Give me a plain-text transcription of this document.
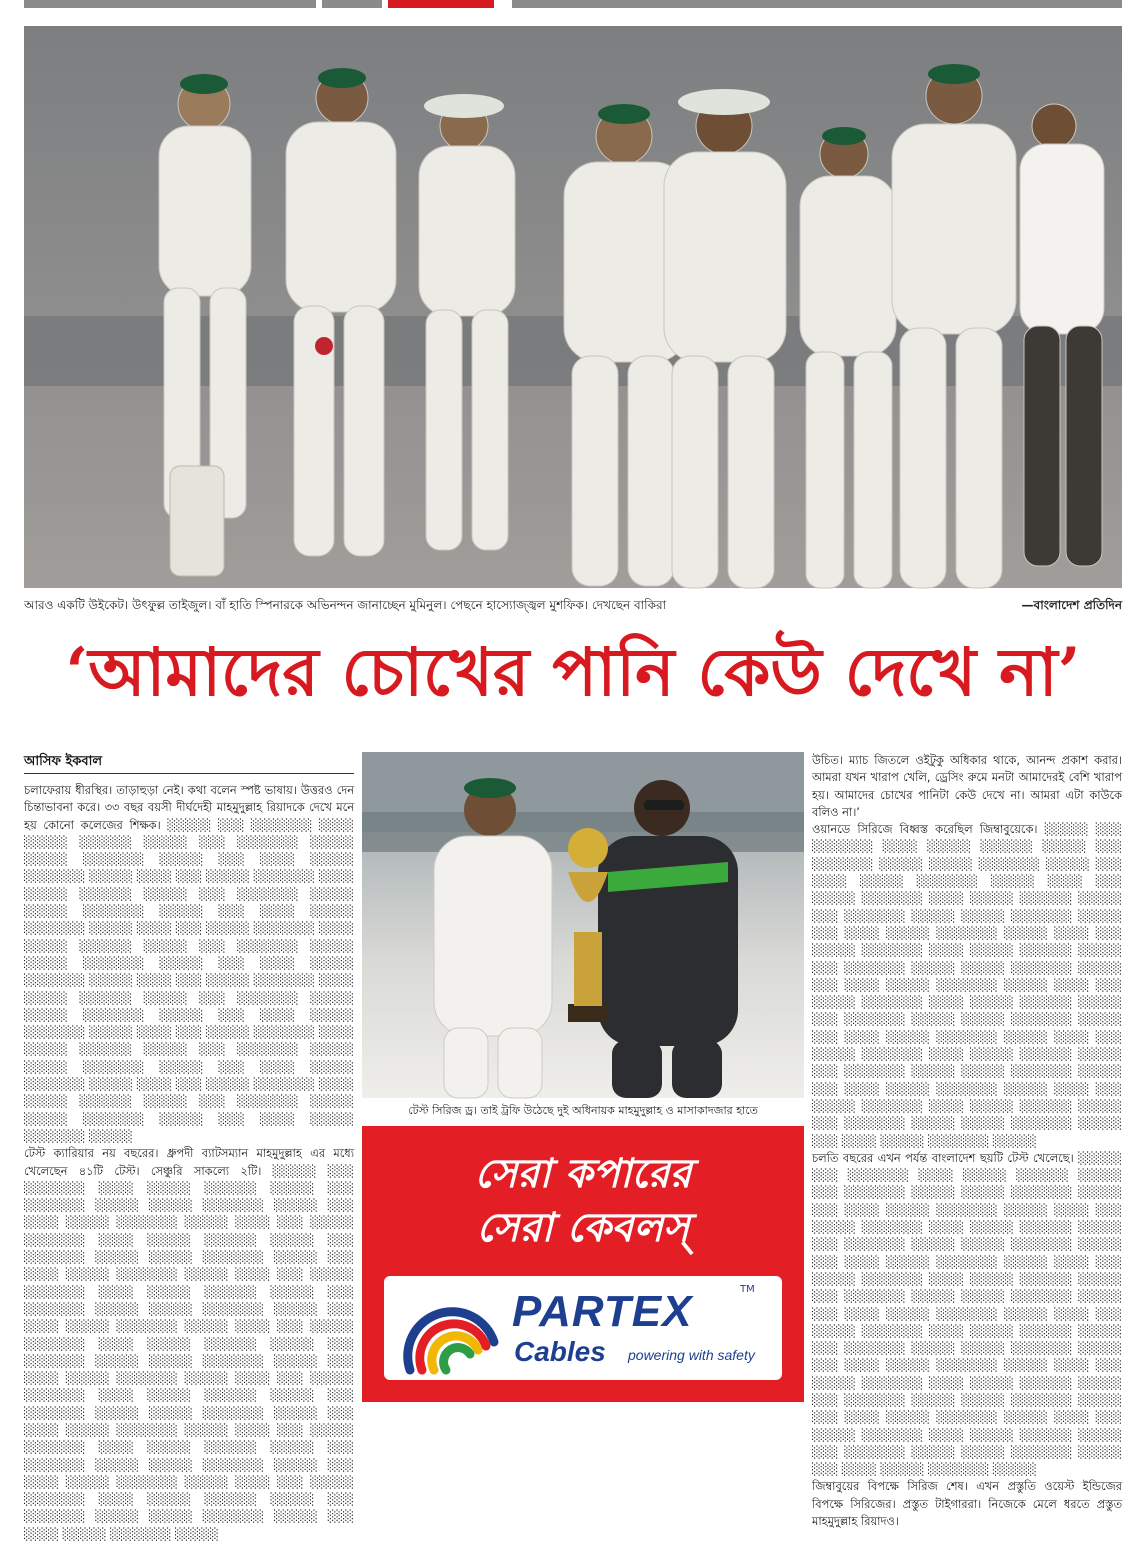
আরও একটি উইকেট। উৎফুল্ল তাইজুল। বাঁ হাতি স্পিনারকে অভিনন্দন জানাচ্ছেন মুমিনুল। পেছনে হাস্যোজ্জ্বল মুশফিক। দেখছেন বাকিরা	—বাংলাদেশ প্রতিদিন
‘আমাদের চোখের পানি কেউ দেখে না’
আসিফ ইকবাল
চলাফেরায় ধীরস্থির। তাড়াহুড়া নেই। কথা বলেন স্পষ্ট ভাষায়। উত্তরও দেন চিন্তাভাবনা করে। ৩৩ বছর বয়সী দীর্ঘদেহী মাহমুদুল্লাহ রিয়াদকে দেখে মনে হয় কোনো কলেজের শিক্ষক। ░░░░░ ░░░ ░░░░░░░ ░░░░ ░░░░░ ░░░░░░ ░░░░░ ░░░ ░░░░░░░ ░░░░░ ░░░░░ ░░░░░░░ ░░░░░ ░░░ ░░░░ ░░░░░ ░░░░░░░ ░░░░░ ░░░░ ░░░ ░░░░░ ░░░░░░░ ░░░░ ░░░░░ ░░░░░░ ░░░░░ ░░░ ░░░░░░░ ░░░░░ ░░░░░ ░░░░░░░ ░░░░░ ░░░ ░░░░ ░░░░░ ░░░░░░░ ░░░░░ ░░░░ ░░░ ░░░░░ ░░░░░░░ ░░░░ ░░░░░ ░░░░░░ ░░░░░ ░░░ ░░░░░░░ ░░░░░ ░░░░░ ░░░░░░░ ░░░░░ ░░░ ░░░░ ░░░░░ ░░░░░░░ ░░░░░ ░░░░ ░░░ ░░░░░ ░░░░░░░ ░░░░ ░░░░░ ░░░░░░ ░░░░░ ░░░ ░░░░░░░ ░░░░░ ░░░░░ ░░░░░░░ ░░░░░ ░░░ ░░░░ ░░░░░ ░░░░░░░ ░░░░░ ░░░░ ░░░ ░░░░░ ░░░░░░░ ░░░░ ░░░░░ ░░░░░░ ░░░░░ ░░░ ░░░░░░░ ░░░░░ ░░░░░ ░░░░░░░ ░░░░░ ░░░ ░░░░ ░░░░░ ░░░░░░░ ░░░░░ ░░░░ ░░░ ░░░░░ ░░░░░░░ ░░░░ ░░░░░ ░░░░░░ ░░░░░ ░░░ ░░░░░░░ ░░░░░ ░░░░░ ░░░░░░░ ░░░░░ ░░░ ░░░░ ░░░░░ ░░░░░░░ ░░░░░
টেস্ট ক্যারিয়ার নয় বছরের। ধ্রুপদী ব্যাটসম্যান মাহমুদুল্লাহ এর মধ্যে খেলেছেন ৪১টি টেস্ট। সেঞ্চুরি সাকল্যে ২টি। ░░░░░ ░░░ ░░░░░░░ ░░░░ ░░░░░ ░░░░░░ ░░░░░ ░░░ ░░░░░░░ ░░░░░ ░░░░░ ░░░░░░░ ░░░░░ ░░░ ░░░░ ░░░░░ ░░░░░░░ ░░░░░ ░░░░ ░░░ ░░░░░ ░░░░░░░ ░░░░ ░░░░░ ░░░░░░ ░░░░░ ░░░ ░░░░░░░ ░░░░░ ░░░░░ ░░░░░░░ ░░░░░ ░░░ ░░░░ ░░░░░ ░░░░░░░ ░░░░░ ░░░░ ░░░ ░░░░░ ░░░░░░░ ░░░░ ░░░░░ ░░░░░░ ░░░░░ ░░░ ░░░░░░░ ░░░░░ ░░░░░ ░░░░░░░ ░░░░░ ░░░ ░░░░ ░░░░░ ░░░░░░░ ░░░░░ ░░░░ ░░░ ░░░░░ ░░░░░░░ ░░░░ ░░░░░ ░░░░░░ ░░░░░ ░░░ ░░░░░░░ ░░░░░ ░░░░░ ░░░░░░░ ░░░░░ ░░░ ░░░░ ░░░░░ ░░░░░░░ ░░░░░ ░░░░ ░░░ ░░░░░ ░░░░░░░ ░░░░ ░░░░░ ░░░░░░ ░░░░░ ░░░ ░░░░░░░ ░░░░░ ░░░░░ ░░░░░░░ ░░░░░ ░░░ ░░░░ ░░░░░ ░░░░░░░ ░░░░░ ░░░░ ░░░ ░░░░░ ░░░░░░░ ░░░░ ░░░░░ ░░░░░░ ░░░░░ ░░░ ░░░░░░░ ░░░░░ ░░░░░ ░░░░░░░ ░░░░░ ░░░ ░░░░ ░░░░░ ░░░░░░░ ░░░░░ ░░░░ ░░░ ░░░░░ ░░░░░░░ ░░░░ ░░░░░ ░░░░░░ ░░░░░ ░░░ ░░░░░░░ ░░░░░ ░░░░░ ░░░░░░░ ░░░░░ ░░░ ░░░░ ░░░░░ ░░░░░░░ ░░░░░
টেস্ট সিরিজ ড্র। তাই ট্রফি উঠেছে দুই অধিনায়ক মাহমুদুল্লাহ ও মাসাকাদজার হাতে
সেরা কপারের
সেরা কেবলস্
PARTEX	TM
Cables powering with safety
উচিত। ম্যাচ জিতলে ওইটুকু অধিকার থাকে, আনন্দ প্রকাশ করার। আমরা যখন খারাপ খেলি, ড্রেসিং রুমে মনটা আমাদেরই বেশি খারাপ হয়। আমাদের চোখের পানিটা কেউ দেখে না। আমরা এটা কাউকে বলিও না।’
ওয়ানডে সিরিজে বিধ্বস্ত করেছিল জিম্বাবুয়েকে। ░░░░░ ░░░ ░░░░░░░ ░░░░ ░░░░░ ░░░░░░ ░░░░░ ░░░ ░░░░░░░ ░░░░░ ░░░░░ ░░░░░░░ ░░░░░ ░░░ ░░░░ ░░░░░ ░░░░░░░ ░░░░░ ░░░░ ░░░ ░░░░░ ░░░░░░░ ░░░░ ░░░░░ ░░░░░░ ░░░░░ ░░░ ░░░░░░░ ░░░░░ ░░░░░ ░░░░░░░ ░░░░░ ░░░ ░░░░ ░░░░░ ░░░░░░░ ░░░░░ ░░░░ ░░░ ░░░░░ ░░░░░░░ ░░░░ ░░░░░ ░░░░░░ ░░░░░ ░░░ ░░░░░░░ ░░░░░ ░░░░░ ░░░░░░░ ░░░░░ ░░░ ░░░░ ░░░░░ ░░░░░░░ ░░░░░ ░░░░ ░░░ ░░░░░ ░░░░░░░ ░░░░ ░░░░░ ░░░░░░ ░░░░░ ░░░ ░░░░░░░ ░░░░░ ░░░░░ ░░░░░░░ ░░░░░ ░░░ ░░░░ ░░░░░ ░░░░░░░ ░░░░░ ░░░░ ░░░ ░░░░░ ░░░░░░░ ░░░░ ░░░░░ ░░░░░░ ░░░░░ ░░░ ░░░░░░░ ░░░░░ ░░░░░ ░░░░░░░ ░░░░░ ░░░ ░░░░ ░░░░░ ░░░░░░░ ░░░░░ ░░░░ ░░░ ░░░░░ ░░░░░░░ ░░░░ ░░░░░ ░░░░░░ ░░░░░ ░░░ ░░░░░░░ ░░░░░ ░░░░░ ░░░░░░░ ░░░░░ ░░░ ░░░░ ░░░░░ ░░░░░░░ ░░░░░
চলতি বছরের এখন পর্যন্ত বাংলাদেশ ছয়টি টেস্ট খেলেছে। ░░░░░ ░░░ ░░░░░░░ ░░░░ ░░░░░ ░░░░░░ ░░░░░ ░░░ ░░░░░░░ ░░░░░ ░░░░░ ░░░░░░░ ░░░░░ ░░░ ░░░░ ░░░░░ ░░░░░░░ ░░░░░ ░░░░ ░░░ ░░░░░ ░░░░░░░ ░░░░ ░░░░░ ░░░░░░ ░░░░░ ░░░ ░░░░░░░ ░░░░░ ░░░░░ ░░░░░░░ ░░░░░ ░░░ ░░░░ ░░░░░ ░░░░░░░ ░░░░░ ░░░░ ░░░ ░░░░░ ░░░░░░░ ░░░░ ░░░░░ ░░░░░░ ░░░░░ ░░░ ░░░░░░░ ░░░░░ ░░░░░ ░░░░░░░ ░░░░░ ░░░ ░░░░ ░░░░░ ░░░░░░░ ░░░░░ ░░░░ ░░░ ░░░░░ ░░░░░░░ ░░░░ ░░░░░ ░░░░░░ ░░░░░ ░░░ ░░░░░░░ ░░░░░ ░░░░░ ░░░░░░░ ░░░░░ ░░░ ░░░░ ░░░░░ ░░░░░░░ ░░░░░ ░░░░ ░░░ ░░░░░ ░░░░░░░ ░░░░ ░░░░░ ░░░░░░ ░░░░░ ░░░ ░░░░░░░ ░░░░░ ░░░░░ ░░░░░░░ ░░░░░ ░░░ ░░░░ ░░░░░ ░░░░░░░ ░░░░░ ░░░░ ░░░ ░░░░░ ░░░░░░░ ░░░░ ░░░░░ ░░░░░░ ░░░░░ ░░░ ░░░░░░░ ░░░░░ ░░░░░ ░░░░░░░ ░░░░░ ░░░ ░░░░ ░░░░░ ░░░░░░░ ░░░░░
জিম্বাবুয়ের বিপক্ষে সিরিজ শেষ। এখন প্রস্তুতি ওয়েস্ট ইন্ডিজের বিপক্ষে সিরিজের। প্রস্তুত টাইগাররা। নিজেকে মেলে ধরতে প্রস্তুত মাহমুদুল্লাহ রিয়াদও।
